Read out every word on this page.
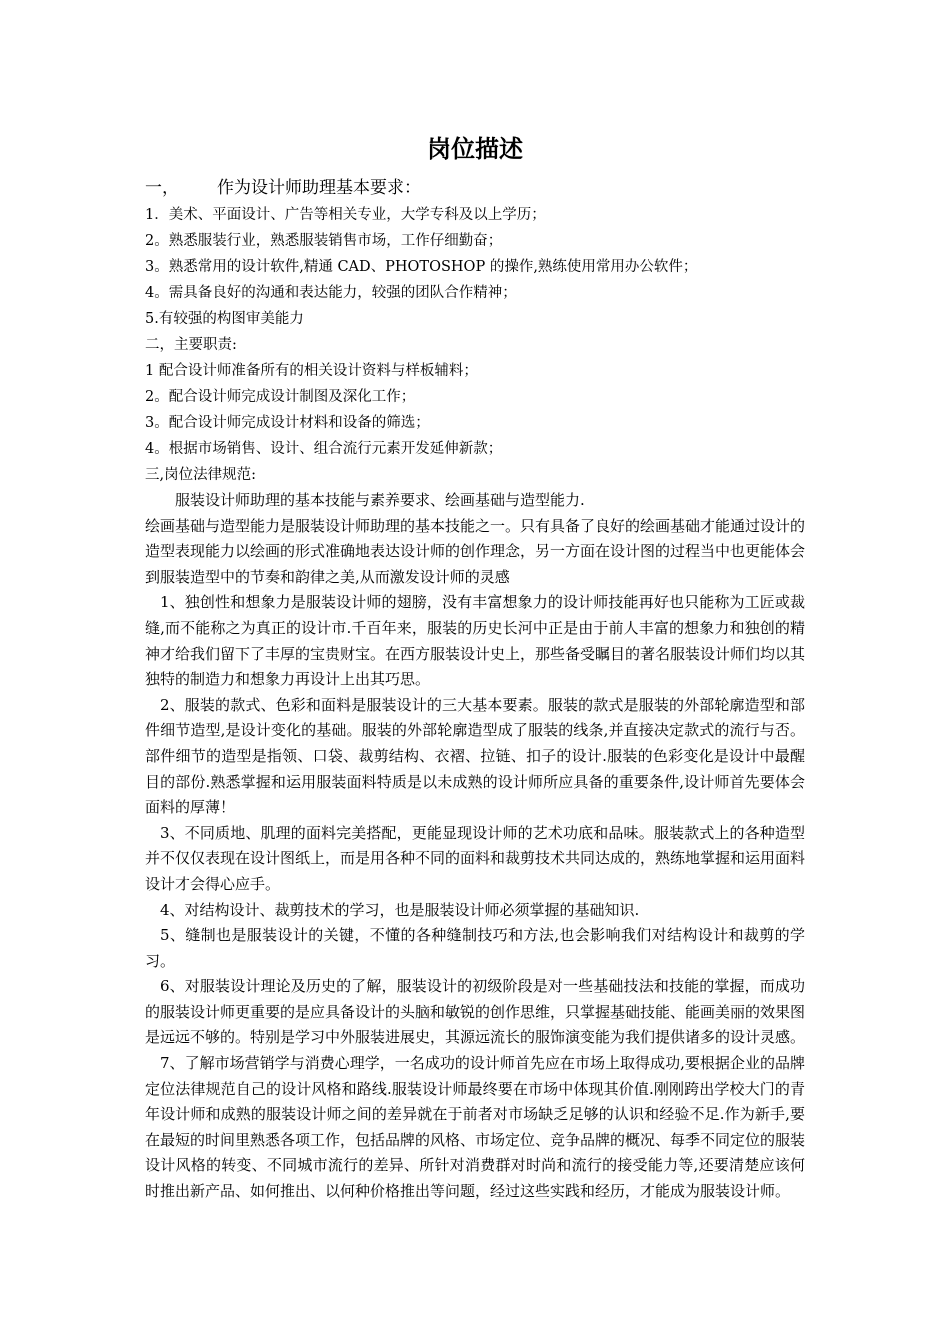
岗位描述
一， 作为设计师助理基本要求：
1．美术、平面设计、广告等相关专业，大学专科及以上学历；
2。熟悉服装行业，熟悉服装销售市场，工作仔细勤奋；
3。熟悉常用的设计软件,精通 CAD、PHOTOSHOP 的操作,熟练使用常用办公软件；
4。需具备良好的沟通和表达能力，较强的团队合作精神；
5.有较强的构图审美能力
二，主要职责:
1 配合设计师准备所有的相关设计资料与样板辅料；
2。配合设计师完成设计制图及深化工作；
3。配合设计师完成设计材料和设备的筛选；
4。根据市场销售、设计、组合流行元素开发延伸新款；
三,岗位法律规范:

服装设计师助理的基本技能与素养要求、绘画基础与造型能力.

绘画基础与造型能力是服装设计师助理的基本技能之一。只有具备了良好的绘画基础才能通过设计的造型表现能力以绘画的形式准确地表达设计师的创作理念，另一方面在设计图的过程当中也更能体会到服装造型中的节奏和韵律之美,从而激发设计师的灵感

1、独创性和想象力是服装设计师的翅膀，没有丰富想象力的设计师技能再好也只能称为工匠或裁缝,而不能称之为真正的设计市.千百年来，服装的历史长河中正是由于前人丰富的想象力和独创的精神才给我们留下了丰厚的宝贵财宝。在西方服装设计史上，那些备受瞩目的著名服装设计师们均以其独特的制造力和想象力再设计上出其巧思。

2、服装的款式、色彩和面料是服装设计的三大基本要素。服装的款式是服装的外部轮廓造型和部件细节造型,是设计变化的基础。服装的外部轮廓造型成了服装的线条,并直接决定款式的流行与否。部件细节的造型是指领、口袋、裁剪结构、衣褶、拉链、扣子的设计.服装的色彩变化是设计中最醒目的部份.熟悉掌握和运用服装面料特质是以未成熟的设计师所应具备的重要条件,设计师首先要体会面料的厚薄！

3、不同质地、肌理的面料完美搭配，更能显现设计师的艺术功底和品味。服装款式上的各种造型并不仅仅表现在设计图纸上，而是用各种不同的面料和裁剪技术共同达成的，熟练地掌握和运用面料设计才会得心应手。

4、对结构设计、裁剪技术的学习，也是服装设计师必须掌握的基础知识.

5、缝制也是服装设计的关键，不懂的各种缝制技巧和方法,也会影响我们对结构设计和裁剪的学习。

6、对服装设计理论及历史的了解，服装设计的初级阶段是对一些基础技法和技能的掌握，而成功的服装设计师更重要的是应具备设计的头脑和敏锐的创作思维，只掌握基础技能、能画美丽的效果图是远远不够的。特别是学习中外服装进展史，其源远流长的服饰演变能为我们提供诸多的设计灵感。

7、了解市场营销学与消费心理学，一名成功的设计师首先应在市场上取得成功,要根据企业的品牌定位法律规范自己的设计风格和路线.服装设计师最终要在市场中体现其价值.刚刚跨出学校大门的青年设计师和成熟的服装设计师之间的差异就在于前者对市场缺乏足够的认识和经验不足.作为新手,要在最短的时间里熟悉各项工作，包括品牌的风格、市场定位、竞争品牌的概况、每季不同定位的服装设计风格的转变、不同城市流行的差异、所针对消费群对时尚和流行的接受能力等,还要清楚应该何时推出新产品、如何推出、以何种价格推出等问题，经过这些实践和经历，才能成为服装设计师。
